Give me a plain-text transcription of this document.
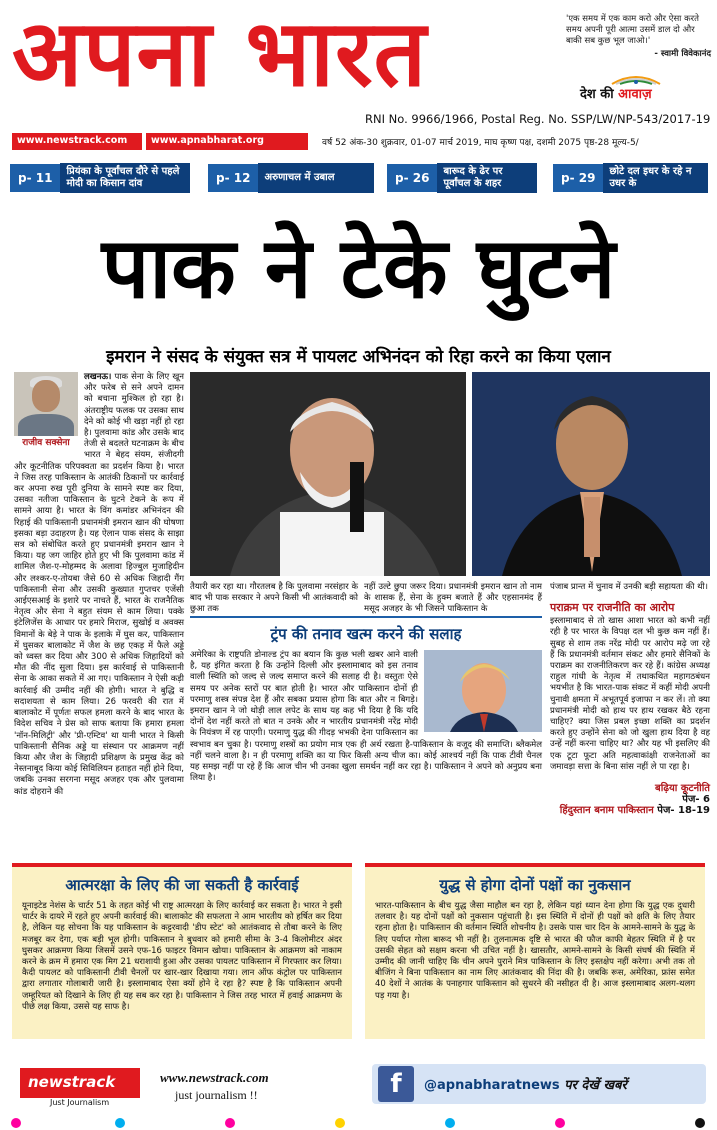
अपना भारत	'एक समय में एक काम करो और ऐसा करते समय अपनी पूरी आत्मा उसमें डाल दो और बाकी सब कुछ भूल जाओ।'
- स्वामी विवेकानंद
देश की आवाज़
RNI No. 9966/1966, Postal Reg. No. SSP/LW/NP-543/2017-19
www.newstrack.com	www.apnabharat.org	वर्ष 52 अंक-30 शुक्रवार, 01-07 मार्च 2019, माघ कृष्ण पक्ष, दशमी 2075 पृष्ठ-28 मूल्य-5/
p- 11	प्रियंका के पूर्वांचल दौरे से पहले मोदी का किसान दांव	p- 12	अरुणाचल में उबाल	p- 26	बारूद के ढेर पर पूर्वांचल के शहर	p- 29	छोटे दल इधर के रहे न उधर के
पाक ने टेके घुटने
इमरान ने संसद के संयुक्त सत्र में पायलट अभिनंदन को रिहा करने का किया एलान
राजीव सक्सेना
लखनऊ। पाक सेना के लिए खून और फरेब से सने अपने दामन को बचाना मुश्किल हो रहा है। अंतराष्ट्रीय फलक पर उसका साथ देने को कोई भी खड़ा नहीं हो रहा है। पुलवामा कांड और उसके बाद तेजी से बदलते घटनाक्रम के बीच भारत ने बेहद संयम, संजीदगी और कूटनीतिक परिपक्वता का प्रदर्शन किया है। भारत ने जिस तरह पाकिस्तान के आतंकी ठिकानों पर कार्रवाई कर अपना रुख पूरी दुनिया के सामने स्पष्ट कर दिया, उसका नतीजा पाकिस्तान के घुटने टेकने के रूप में सामने आया है। भारत के विंग कमांडर अभिनंदन की रिहाई की पाकिस्तानी प्रधानमंत्री इमरान खान की घोषणा इसका बड़ा उदाहरण है। यह ऐलान पाक संसद के साझा सत्र को संबोधित करते हुए प्रधानमंत्री इमरान खान ने किया। यह जग जाहिर होते हुए भी कि पुलवामा कांड में शामिल जैश-ए-मोहम्मद के अलावा हिज्बुल मुजाहिदीन और लश्कर-ए-तोयबा जैसे 60 से अधिक जिहादी गैंग पाकिस्तानी सेना और उसकी कुख्यात गुप्तचर एजेंसी आईएसआई के इशारे पर नाचते हैं, भारत के राजनैतिक नेतृत्व और सेना ने बहुत संयम से काम लिया। पक्के इंटेलिजेंस के आधार पर हमारे मिराज, सुखोई व अवक्स विमानों के बेड़े ने पाक के इलाके में घुस कर, पाकिस्तान में घुसकर बालाकोट में जैश के छह एकड़ में फैले अड्डे को ध्वस्त कर दिया और 300 से अधिक जिहादियों को मौत की नींद सुला दिया। इस कार्रवाई से पाकिस्तानी सेना के आका सकते में आ गए। पाकिस्तान ने ऐसी कड़ी कार्रवाई की उम्मीद नहीं की होगी। भारत ने बुद्धि व सदाशयता से काम लिया। 26 फरवरी की रात में बालाकोट में पूर्णतः सफल हमला करने के बाद भारत के विदेश सचिव ने प्रेस को साफ बताया कि हमारा हमला 'नॉन-मिलिट्री' और 'प्री-एम्टिव' था यानी भारत ने किसी पाकिस्तानी सैनिक अड्डे या संस्थान पर आक्रमण नहीं किया और जैश के जिहादी प्रशिक्षण के प्रमुख केंद्र को नेस्तनाबूद किया कोई सिविलियन हताहत नहीं होने दिया, जबकि उनका सरगना मसूद अजहर एक और पुलवामा कांड दोहराने की
तैयारी कर रहा था। गौरतलब है कि पुलवामा नरसंहार के बाद भी पाक सरकार ने अपने किसी भी आतंकवादी को छुआ तक
नहीं उल्टे छुपा जरूर दिया। प्रधानमंत्री इमरान खान तो नाम के शासक हैं, सेना के हुक्म बजाते हैं और एहसानमंद हैं मसूद अजहर के भी जिसने पाकिस्तान के
पंजाब प्रान्त में चुनाव में उनकी बड़ी सहायता की थी।
ट्रंप की तनाव खत्म करने की सलाह
अमेरिका के राष्ट्रपति डोनाल्ड ट्रंप का बयान कि कुछ भली खबर आने वाली है, यह इंगित करता है कि उन्होंने दिल्ली और इस्लामाबाद को इस तनाव वाली स्थिति को जल्द से जल्द समाप्त करने की सलाह दी है। वस्तुतः ऐसे समय पर अनेक स्तरों पर बात होती है। भारत और पाकिस्तान दोनों ही परमाणु शस्त्र संपन्न देश हैं और सबका प्रयास होगा कि बात और न बिगड़े। इमरान खान ने जो थोड़ी लाल लपेट के साथ यह कह भी दिया है कि यदि दोनों देश नहीं करते तो बात न उनके और न भारतीय प्रधानमंत्री नरेंद्र मोदी के नियंत्रण में रह पाएगी। परमाणु युद्ध की गीदड़ भभकी देना पाकिस्तान का स्वभाव बन चुका है। परमाणु शस्त्रों का प्रयोग मात्र एक ही अर्थ रखता है-पाकिस्तान के वजूद की समाप्ति। ब्लैकमेल नहीं चलने वाला है। न ही परमाणु शक्ति का या फिर किसी अन्य चीज का। कोई आश्चर्य नहीं कि पाक टीवी चैनल यह समझ नहीं पा रहे हैं कि आज चीन भी उनका खुला समर्थन नहीं कर रहा है। पाकिस्तान ने अपने को अनुप्रय बना लिया है।
पराक्रम पर राजनीति का आरोप
इस्लामाबाद से तो खास आशा भारत को कभी नहीं रही है पर भारत के विपक्ष दल भी कुछ कम नहीं हैं। सुबह से शाम तक नरेंद्र मोदी पर आरोप मढ़े जा रहे हैं कि प्रधानमंत्री वर्तमान संकट और हमारे सैनिकों के पराक्रम का राजनीतिकरण कर रहे हैं। कांग्रेस अध्यक्ष राहुल गांधी के नेतृत्व में तथाकथित महागठबंधन भयभीत है कि भारत-पाक संकट में कहीं मोदी अपनी चुनावी क्षमता में अभूतपूर्व इजाफा न कर लें। तो क्या प्रधानमंत्री मोदी को हाथ पर हाथ रखकर बैठे रहना चाहिए? क्या जिस प्रबल इच्छा शक्ति का प्रदर्शन करते हुए उन्होंने सेना को जो खुला हाथ दिया है वह उन्हें नहीं करना चाहिए था? और यह भी इसलिए की एक टूटा फूटा अति महत्वाकांक्षी राजनेताओं का जमावड़ा सत्ता के बिना सांस नहीं ले पा रहा है।
बढ़िया कूटनीति
पेज- 6
हिंदुस्तान बनाम पाकिस्तान पेज- 18-19
आत्मरक्षा के लिए की जा सकती है कार्रवाई
यूनाइटेड नेशंस के चार्टर 51 के तहत कोई भी राष्ट्र आत्मरक्षा के लिए कार्रवाई कर सकता है। भारत ने इसी चार्टर के दायरे में रहते हुए अपनी कार्रवाई की। बालाकोट की सफलता ने आम भारतीय को हर्षित कर दिया है, लेकिन यह सोचना कि यह पाकिस्तान के कट्टरवादी 'डीप स्टेट' को आतंकवाद से तौबा करने के लिए मजबूर कर देगा, एक बड़ी भूल होगी। पाकिस्तान ने बुधवार को हमारी सीमा के 3-4 किलोमीटर अंदर घुसकर आक्रमण किया जिसमें उसने एफ-16 फाइटर विमान खोया। पाकिस्तान के आक्रमण को नाकाम करने के क्रम में हमारा एक मिग 21 धराशायी हुआ और उसका पायलट पाकिस्तान में गिरफ्तार कर लिया। कैदी पायलट को पाकिस्तानी टीवी चैनलों पर खार-खार दिखाया गया। लान ऑफ कंट्रोल पर पाकिस्तान द्वारा लगातार गोलाबारी जारी है। इस्लामाबाद ऐसा क्यों होने दे रहा है? स्पष्ट है कि पाकिस्तान अपनी जम्हूरियत को दिखाने के लिए ही यह सब कर रहा है। पाकिस्तान ने जिस तरह भारत में हवाई आक्रमण के पीछे लक्ष किया, उससे यह साफ है।
युद्ध से होगा दोनों पक्षों का नुकसान
भारत-पाकिस्तान के बीच युद्ध जैसा माहौल बन रहा है, लेकिन यहां ध्यान देना होगा कि युद्ध एक दुधारी तलवार है। यह दोनों पक्षों को नुकसान पहुंचाती है। इस स्थिति में दोनों ही पक्षों को क्षति के लिए तैयार रहना होता है। पाकिस्तान की वर्तमान स्थिति शोचनीय है। उसके पास चार दिन के आमने-सामने के युद्ध के लिए पर्याप्त गोला बारूद भी नहीं है। तुलनात्मक दृष्टि से भारत की फौज काफी बेहतर स्थिति में है पर उसकी सेहत को सक्षम करना भी उचित नहीं है। खासतौर, आमने-सामने के किसी संघर्ष की स्थिति में उम्मीद की जानी चाहिए कि चीन अपने पुराने मित्र पाकिस्तान के लिए इस्तक्षेप नहीं करेगा। अभी तक तो बीजिंग ने बिना पाकिस्तान का नाम लिए आतंकवाद की निंदा की है। जबकि रूस, अमेरिका, फ्रांस समेत 40 देशों ने आतंक के पनाहगार पाकिस्तान को सुधरने की नसीहत दी है। आज इस्लामाबाद अलग-थलग पड़ गया है।
newstrack
Just Journalism
www.newstrack.com
just journalism !!	f	@apnabharatnews पर देखें खबरें
